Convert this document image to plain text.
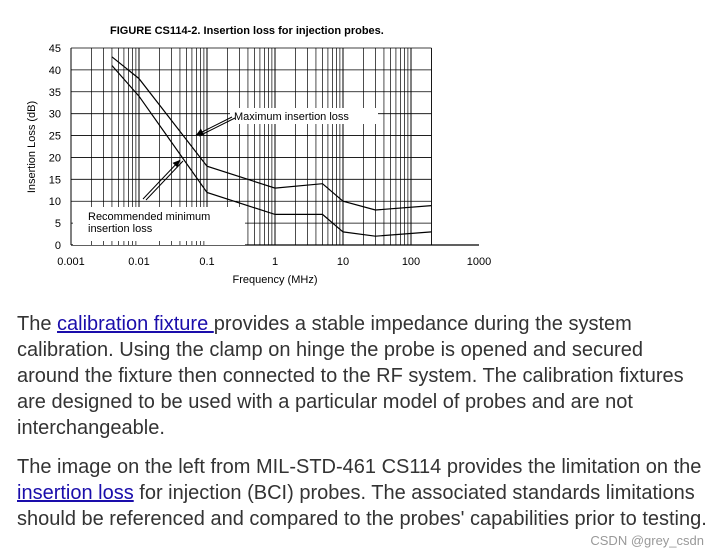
FIGURE CS114-2. Insertion loss for injection probes.
0
5
10
15
20
25
30
35
40
45
0.001	0.01	0.1	1	10	100	1000
Maximum insertion loss
Recommended minimum
insertion loss
Insertion Loss (dB)
Frequency (MHz)

The calibration fixture provides a stable impedance during the system calibration. Using the clamp on hinge the probe is opened and secured around the fixture then connected to the RF system. The calibration fixtures are designed to be used with a particular model of probes and are not interchangeable.

The image on the left from MIL-STD-461 CS114 provides the limitation on the insertion loss for injection (BCI) probes. The associated standards limitations should be referenced and compared to the probes' capabilities prior to testing.

CSDN @grey_csdn
